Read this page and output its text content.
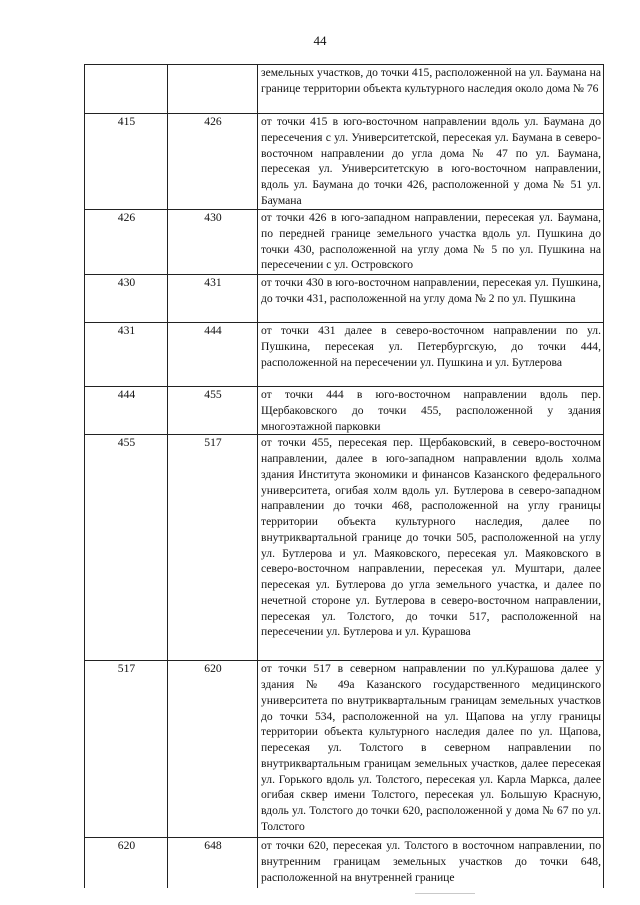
44
		земельных участков, до точки 415, расположенной на ул. Баумана на границе территории объекта культурного наследия около дома № 76
415	426	от точки 415 в юго-восточном направлении вдоль ул. Баумана до пересечения с ул. Университетской, пересекая ул. Баумана в северо-восточном направлении до угла дома № 47 по ул. Баумана, пересекая ул. Университетскую в юго-восточном направлении, вдоль ул. Баумана до точки 426, расположенной у дома № 51 ул. Баумана
426	430	от точки 426 в юго-западном направлении, пересекая ул. Баумана, по передней границе земельного участка вдоль ул. Пушкина до точки 430, расположенной на углу дома № 5 по ул. Пушкина на пересечении с ул. Островского
430	431	от точки 430 в юго-восточном направлении, пересекая ул. Пушкина, до точки 431, расположенной на углу дома № 2 по ул. Пушкина
431	444	от точки 431 далее в северо-восточном направлении по ул. Пушкина, пересекая ул. Петербургскую, до точки 444, расположенной на пересечении ул. Пушкина и ул. Бутлерова
444	455	от точки 444 в юго-восточном направлении вдоль пер. Щербаковского до точки 455, расположенной у здания многоэтажной парковки
455	517	от точки 455, пересекая пер. Щербаковский, в северо-восточном направлении, далее в юго-западном направлении вдоль холма здания Института экономики и финансов Казанского федерального университета, огибая холм вдоль ул. Бутлерова в северо-западном направлении до точки 468, расположенной на углу границы территории объекта культурного наследия, далее по внутриквартальной границе до точки 505, расположенной на углу ул. Бутлерова и ул. Маяковского, пересекая ул. Маяковского в северо-восточном направлении, пересекая ул. Муштари, далее пересекая ул. Бутлерова до угла земельного участка, и далее по нечетной стороне ул. Бутлерова в северо-восточном направлении, пересекая ул. Толстого, до точки 517, расположенной на пересечении ул. Бутлерова и ул. Курашова
517	620	от точки 517 в северном направлении по ул.Курашова далее у здания № 49а Казанского государственного медицинского университета по внутриквартальным границам земельных участков до точки 534, расположенной на ул. Щапова на углу границы территории объекта культурного наследия далее по ул. Щапова, пересекая ул. Толстого в северном направлении по внутриквартальным границам земельных участков, далее пересекая ул. Горького вдоль ул. Толстого, пересекая ул. Карла Маркса, далее огибая сквер имени Толстого, пересекая ул. Большую Красную, вдоль ул. Толстого до точки 620, расположенной у дома № 67 по ул. Толстого
620	648	от точки 620, пересекая ул. Толстого в восточном направлении, по внутренним границам земельных участков до точки 648, расположенной на внутренней границе
